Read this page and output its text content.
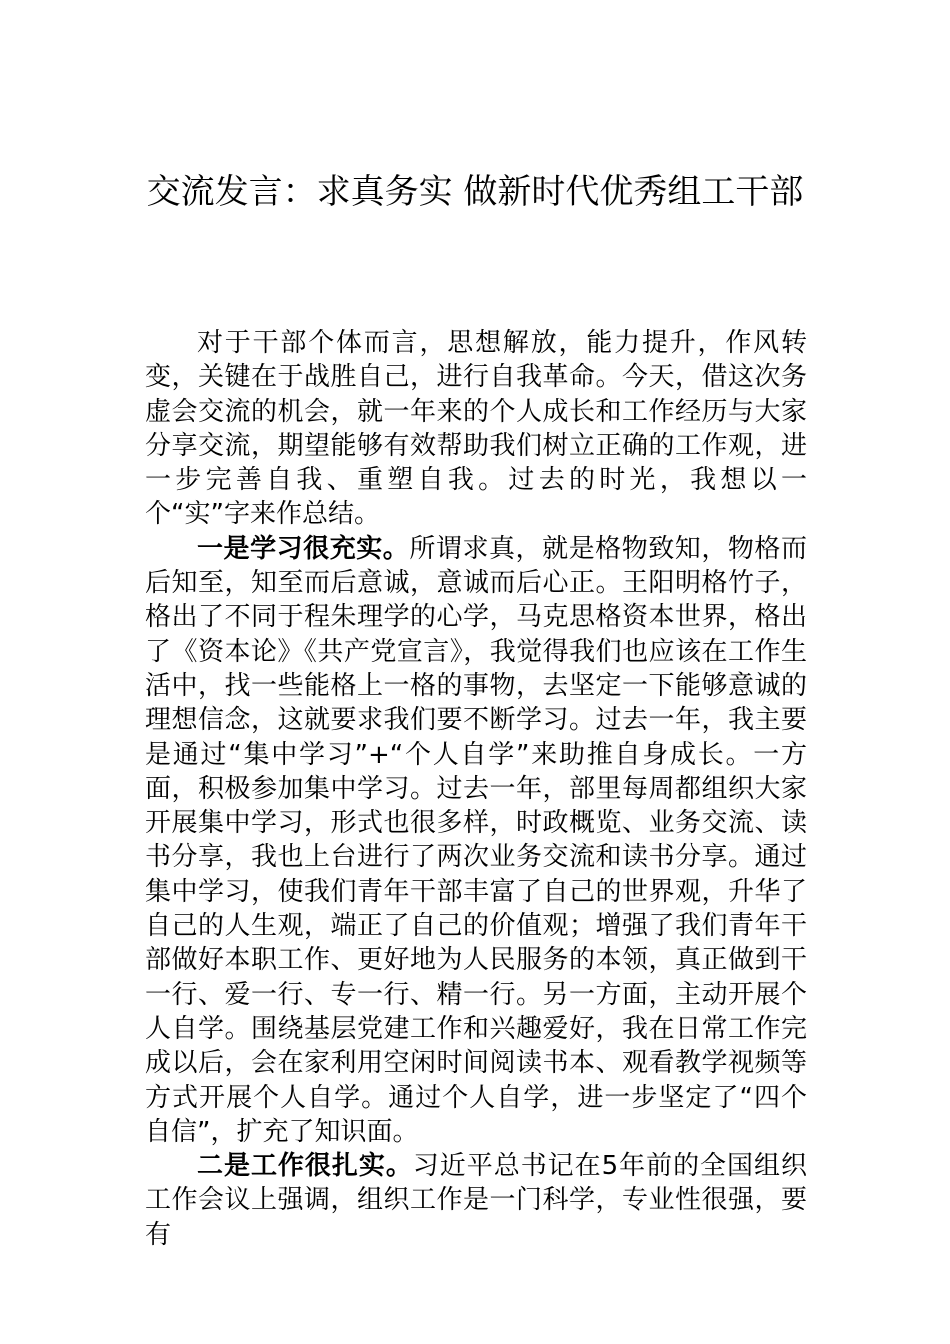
交流发言：求真务实 做新时代优秀组工干部

对于干部个体而言，思想解放，能力提升，作风转变，关键在于战胜自己，进行自我革命。今天，借这次务虚会交流的机会，就一年来的个人成长和工作经历与大家分享交流，期望能够有效帮助我们树立正确的工作观，进一步完善自我、重塑自我。过去的时光，我想以一个“实”字来作总结。

一是学习很充实。所谓求真，就是格物致知，物格而后知至，知至而后意诚，意诚而后心正。王阳明格竹子，格出了不同于程朱理学的心学，马克思格资本世界，格出了《资本论》《共产党宣言》，我觉得我们也应该在工作生活中，找一些能格上一格的事物，去坚定一下能够意诚的理想信念，这就要求我们要不断学习。过去一年，我主要是通过“集中学习”+“个人自学”来助推自身成长。一方面，积极参加集中学习。过去一年，部里每周都组织大家开展集中学习，形式也很多样，时政概览、业务交流、读书分享，我也上台进行了两次业务交流和读书分享。通过集中学习，使我们青年干部丰富了自己的世界观，升华了自己的人生观，端正了自己的价值观；增强了我们青年干部做好本职工作、更好地为人民服务的本领，真正做到干一行、爱一行、专一行、精一行。另一方面，主动开展个人自学。围绕基层党建工作和兴趣爱好，我在日常工作完成以后，会在家利用空闲时间阅读书本、观看教学视频等方式开展个人自学。通过个人自学，进一步坚定了“四个自信”，扩充了知识面。

二是工作很扎实。习近平总书记在5年前的全国组织工作会议上强调，组织工作是一门科学，专业性很强，要有
